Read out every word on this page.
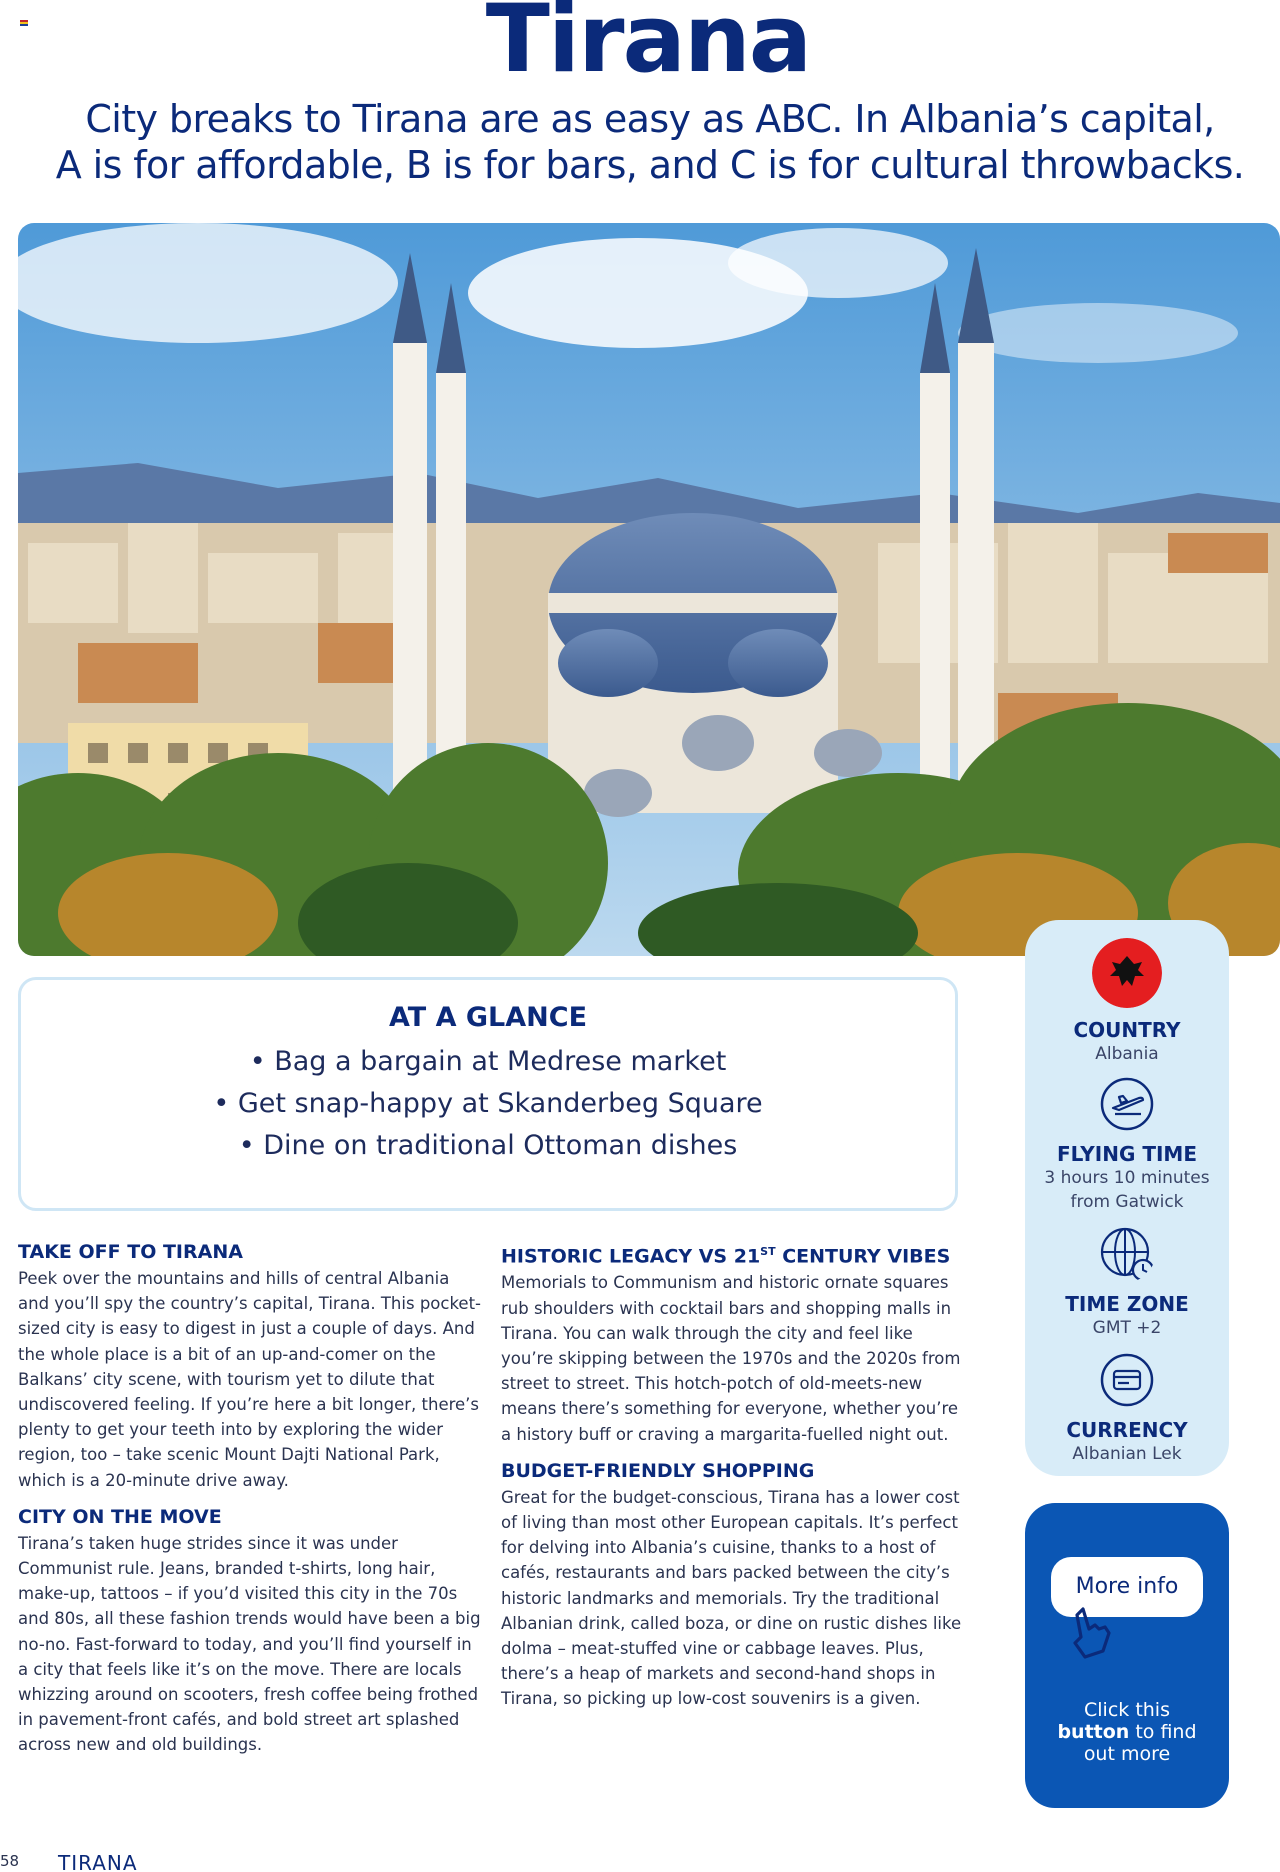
Tirana
City breaks to Tirana are as easy as ABC. In Albania’s capital,
A is for affordable, B is for bars, and C is for cultural throwbacks.
AT A GLANCE
• Bag a bargain at Medrese market
• Get snap-happy at Skanderbeg Square
• Dine on traditional Ottoman dishes
COUNTRY
Albania
FLYING TIME
3 hours 10 minutes
from Gatwick
TIME ZONE
GMT +2
CURRENCY
Albanian Lek
More info
Click this
button to find
out more
TAKE OFF TO TIRANA

Peek over the mountains and hills of central Albania and you’ll spy the country’s capital, Tirana. This pocket-sized city is easy to digest in just a couple of days. And the whole place is a bit of an up-and-comer on the Balkans’ city scene, with tourism yet to dilute that undiscovered feeling. If you’re here a bit longer, there’s plenty to get your teeth into by exploring the wider region, too – take scenic Mount Dajti National Park, which is a 20-minute drive away.

CITY ON THE MOVE

Tirana’s taken huge strides since it was under Communist rule. Jeans, branded t-shirts, long hair, make-up, tattoos – if you’d visited this city in the 70s and 80s, all these fashion trends would have been a big no-no. Fast-forward to today, and you’ll find yourself in a city that feels like it’s on the move. There are locals whizzing around on scooters, fresh coffee being frothed in pavement-front cafés, and bold street art splashed across new and old buildings.

HISTORIC LEGACY VS 21ST CENTURY VIBES

Memorials to Communism and historic ornate squares rub shoulders with cocktail bars and shopping malls in Tirana. You can walk through the city and feel like you’re skipping between the 1970s and the 2020s from street to street. This hotch-potch of old-meets-new means there’s something for everyone, whether you’re a history buff or craving a margarita-fuelled night out.

BUDGET-FRIENDLY SHOPPING

Great for the budget-conscious, Tirana has a lower cost of living than most other European capitals. It’s perfect for delving into Albania’s cuisine, thanks to a host of cafés, restaurants and bars packed between the city’s historic landmarks and memorials. Try the traditional Albanian drink, called boza, or dine on rustic dishes like dolma – meat-stuffed vine or cabbage leaves. Plus, there’s a heap of markets and second-hand shops in Tirana, so picking up low-cost souvenirs is a given.

58 TIRANA
